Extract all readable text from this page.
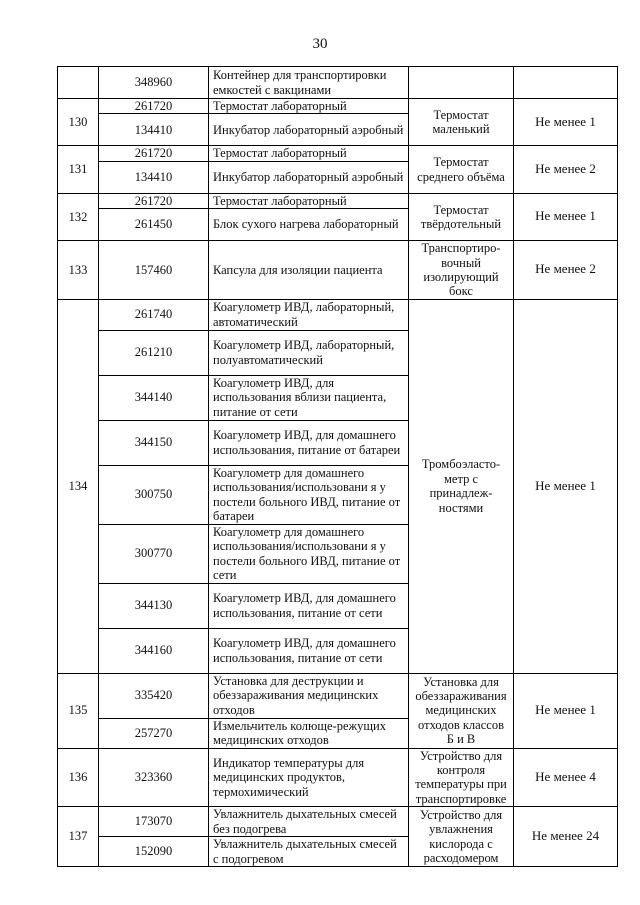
30
	348960	Контейнер для транспортировки емкостей с вакцинами		
130	261720	Термостат лабораторный	Термостат маленький	Не менее 1
	134410	Инкубатор лабораторный аэробный		
131	261720	Термостат лабораторный	Термостат среднего объёма	Не менее 2
	134410	Инкубатор лабораторный аэробный		
132	261720	Термостат лабораторный	Термостат твёрдотельный	Не менее 1
	261450	Блок сухого нагрева лабораторный		
133	157460	Капсула для изоляции пациента	Транспортиро-вочный изолирующий бокс	Не менее 2
134	261740	Коагулометр ИВД, лабораторный, автоматический	Тромбоэласто-метр с принадлеж-ностями	Не менее 1
	261210	Коагулометр ИВД, лабораторный, полуавтоматический		
	344140	Коагулометр ИВД, для использования вблизи пациента, питание от сети		
	344150	Коагулометр ИВД, для домашнего использования, питание от батареи		
	300750	Коагулометр для домашнего использования/использовани я у постели больного ИВД, питание от батареи		
	300770	Коагулометр для домашнего использования/использовани я у постели больного ИВД, питание от сети		
	344130	Коагулометр ИВД, для домашнего использования, питание от сети		
	344160	Коагулометр ИВД, для домашнего использования, питание от сети		
135	335420	Установка для деструкции и обеззараживания медицинских отходов	Установка для обеззараживания медицинских отходов классов Б и В	Не менее 1
	257270	Измельчитель колюще-режущих медицинских отходов		
136	323360	Индикатор температуры для медицинских продуктов, термохимический	Устройство для контроля температуры при транспортировке	Не менее 4
137	173070	Увлажнитель дыхательных смесей без подогрева	Устройство для увлажнения кислорода с расходомером	Не менее 24
	152090	Увлажнитель дыхательных смесей с подогревом		
